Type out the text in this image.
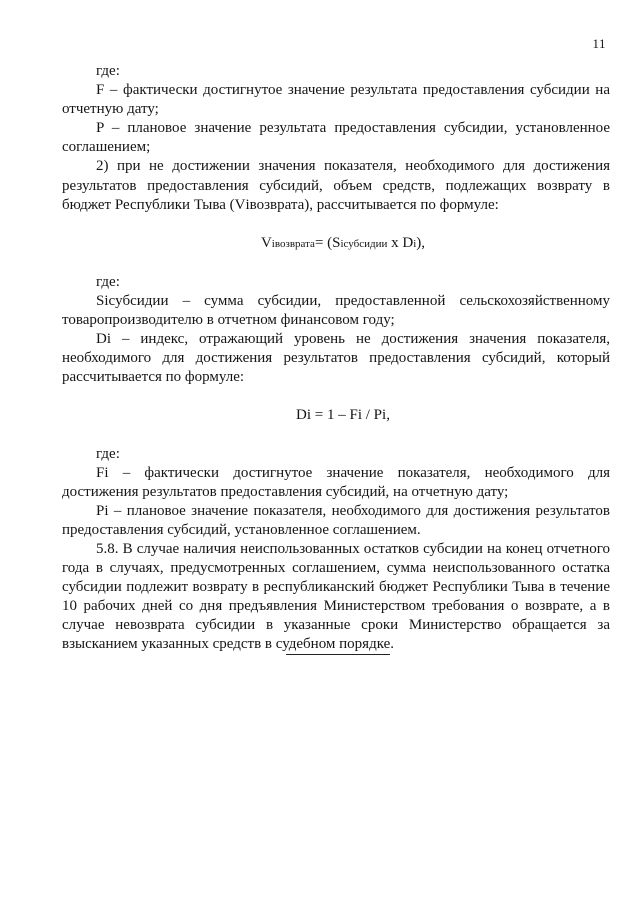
11

где:

F – фактически достигнутое значение результата предоставления субсидии на отчетную дату;

P – плановое значение результата предоставления субсидии, установленное соглашением;

2) при не достижении значения показателя, необходимого для достижения результатов предоставления субсидий, объем средств, подлежащих возврату в бюджет Республики Тыва (Vівозврата), рассчитывается по формуле:

Viвозврата= (Siсубсидии x Di),

где:

Sicубсидии – сумма субсидии, предоставленной сельскохозяйственному товаропроизводителю в отчетном финансовом году;

Di – индекс, отражающий уровень не достижения значения показателя, необходимого для достижения результатов предоставления субсидий, который рассчитывается по формуле:

Di = 1 – Fi / Pi,

где:

Fi – фактически достигнутое значение показателя, необходимого для достижения результатов предоставления субсидий, на отчетную дату;

Pi – плановое значение показателя, необходимого для достижения результатов предоставления субсидий, установленное соглашением.

5.8. В случае наличия неиспользованных остатков субсидии на конец отчетного года в случаях, предусмотренных соглашением, сумма неиспользованного остатка субсидии подлежит возврату в республиканский бюджет Республики Тыва в течение 10 рабочих дней со дня предъявления Министерством требования о возврате, а в случае невозврата субсидии в указанные сроки Министерство обращается за взысканием указанных средств в судебном порядке.
